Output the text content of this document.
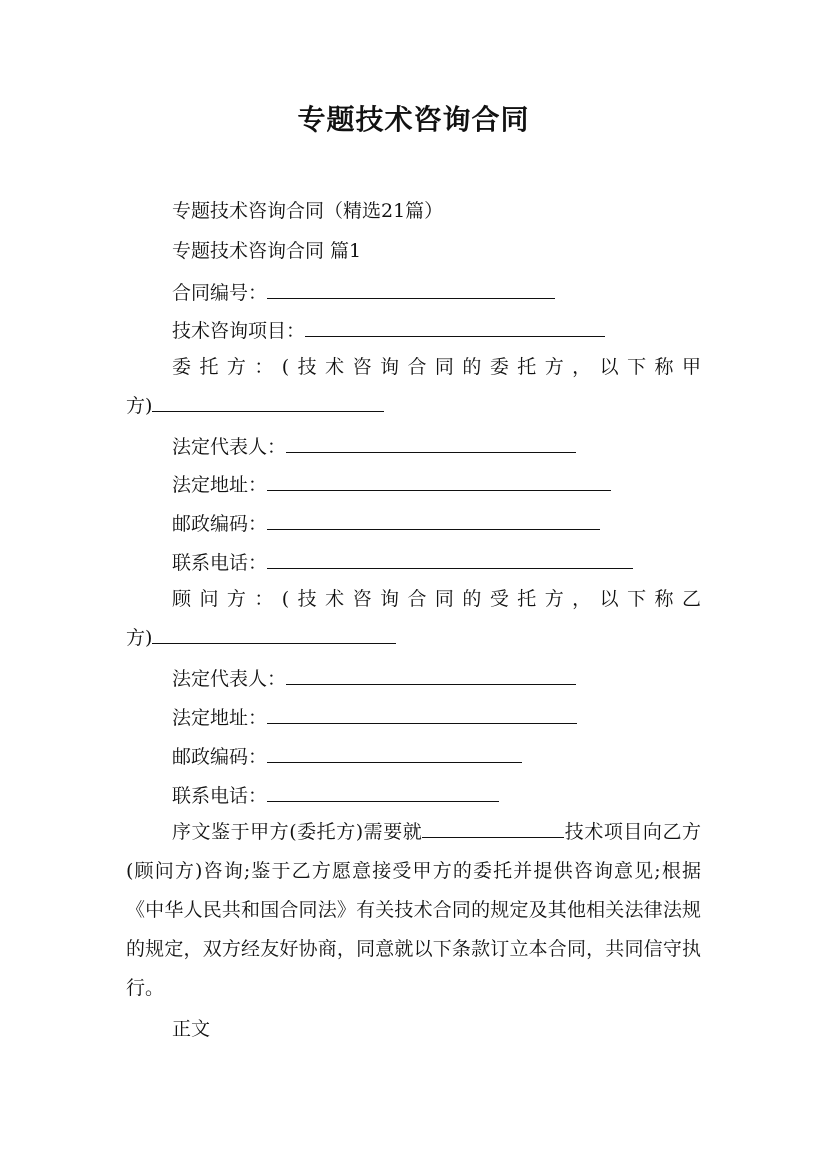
专题技术咨询合同
专题技术咨询合同（精选21篇）
专题技术咨询合同 篇1
合同编号：
技术咨询项目：
委托方：(技术咨询合同的委托方，以下称甲
方)
法定代表人：
法定地址：
邮政编码：
联系电话：
顾问方：(技术咨询合同的受托方，以下称乙
方)
法定代表人：
法定地址：
邮政编码：
联系电话：
序文鉴于甲方(委托方)需要就	技术项目向乙方(顾问方)咨询;鉴于乙方愿意接受甲方的委托并提供咨询意见;根据《中华人民共和国合同法》有关技术合同的规定及其他相关法律法规的规定，双方经友好协商，同意就以下条款订立本合同，共同信守执行。
正文
